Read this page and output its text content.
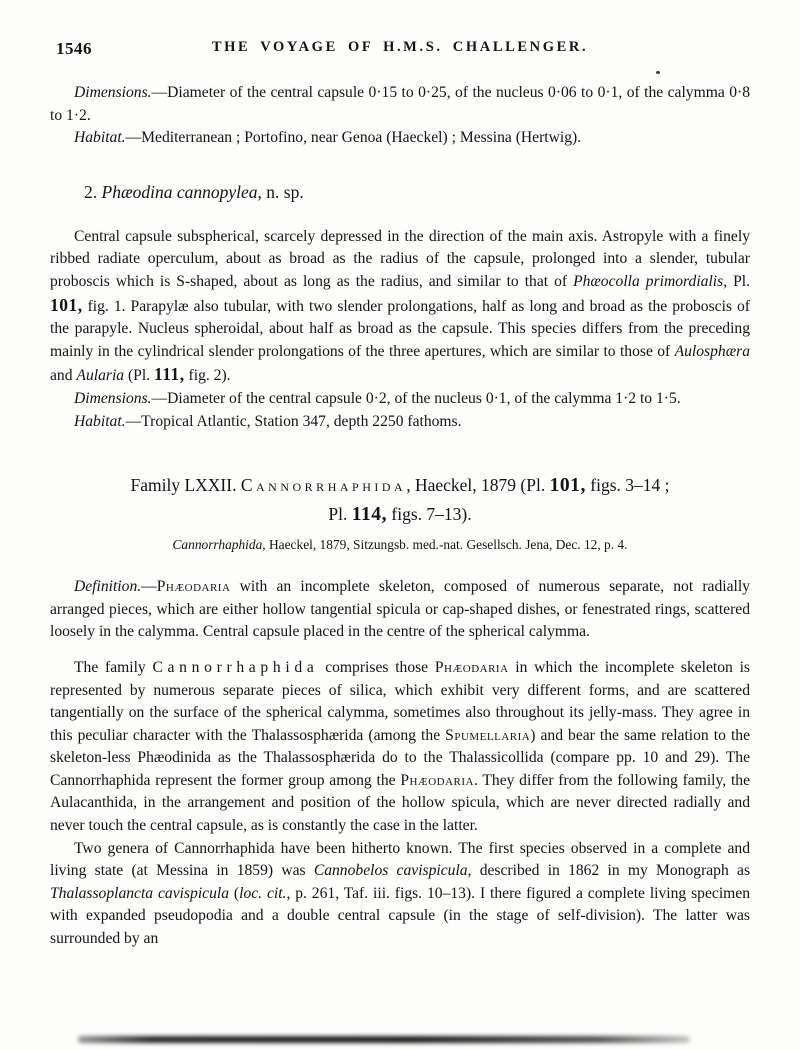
1546	THE VOYAGE OF H.M.S. CHALLENGER.

Dimensions.—Diameter of the central capsule 0·15 to 0·25, of the nucleus 0·06 to 0·1, of the calymma 0·8 to 1·2.

Habitat.—Mediterranean ; Portofino, near Genoa (Haeckel) ; Messina (Hertwig).

2. Phæodina cannopylea, n. sp.

Central capsule subspherical, scarcely depressed in the direction of the main axis. Astropyle with a finely ribbed radiate operculum, about as broad as the radius of the capsule, prolonged into a slender, tubular proboscis which is S-shaped, about as long as the radius, and similar to that of Phæocolla primordialis, Pl. 101, fig. 1. Parapylæ also tubular, with two slender prolongations, half as long and broad as the proboscis of the parapyle. Nucleus spheroidal, about half as broad as the capsule. This species differs from the preceding mainly in the cylindrical slender prolongations of the three apertures, which are similar to those of Aulosphæra and Aularia (Pl. 111, fig. 2).

Dimensions.—Diameter of the central capsule 0·2, of the nucleus 0·1, of the calymma 1·2 to 1·5.

Habitat.—Tropical Atlantic, Station 347, depth 2250 fathoms.

Family LXXII. Cannorrhaphida, Haeckel, 1879 (Pl. 101, figs. 3–14 ;
Pl. 114, figs. 7–13).

Cannorrhaphida, Haeckel, 1879, Sitzungsb. med.-nat. Gesellsch. Jena, Dec. 12, p. 4.

Definition.—Phæodaria with an incomplete skeleton, composed of numerous separate, not radially arranged pieces, which are either hollow tangential spicula or cap-shaped dishes, or fenestrated rings, scattered loosely in the calymma. Central capsule placed in the centre of the spherical calymma.

The family Cannorrhaphida comprises those Phæodaria in which the incomplete skeleton is represented by numerous separate pieces of silica, which exhibit very different forms, and are scattered tangentially on the surface of the spherical calymma, sometimes also throughout its jelly-mass. They agree in this peculiar character with the Thalassosphærida (among the Spumellaria) and bear the same relation to the skeleton-less Phæodinida as the Thalassosphærida do to the Thalassicollida (compare pp. 10 and 29). The Cannorrhaphida represent the former group among the Phæodaria. They differ from the following family, the Aulacanthida, in the arrangement and position of the hollow spicula, which are never directed radially and never touch the central capsule, as is constantly the case in the latter.

Two genera of Cannorrhaphida have been hitherto known. The first species observed in a complete and living state (at Messina in 1859) was Cannobelos cavispicula, described in 1862 in my Monograph as Thalassoplancta cavispicula (loc. cit., p. 261, Taf. iii. figs. 10–13). I there figured a complete living specimen with expanded pseudopodia and a double central capsule (in the stage of self-division). The latter was surrounded by an
